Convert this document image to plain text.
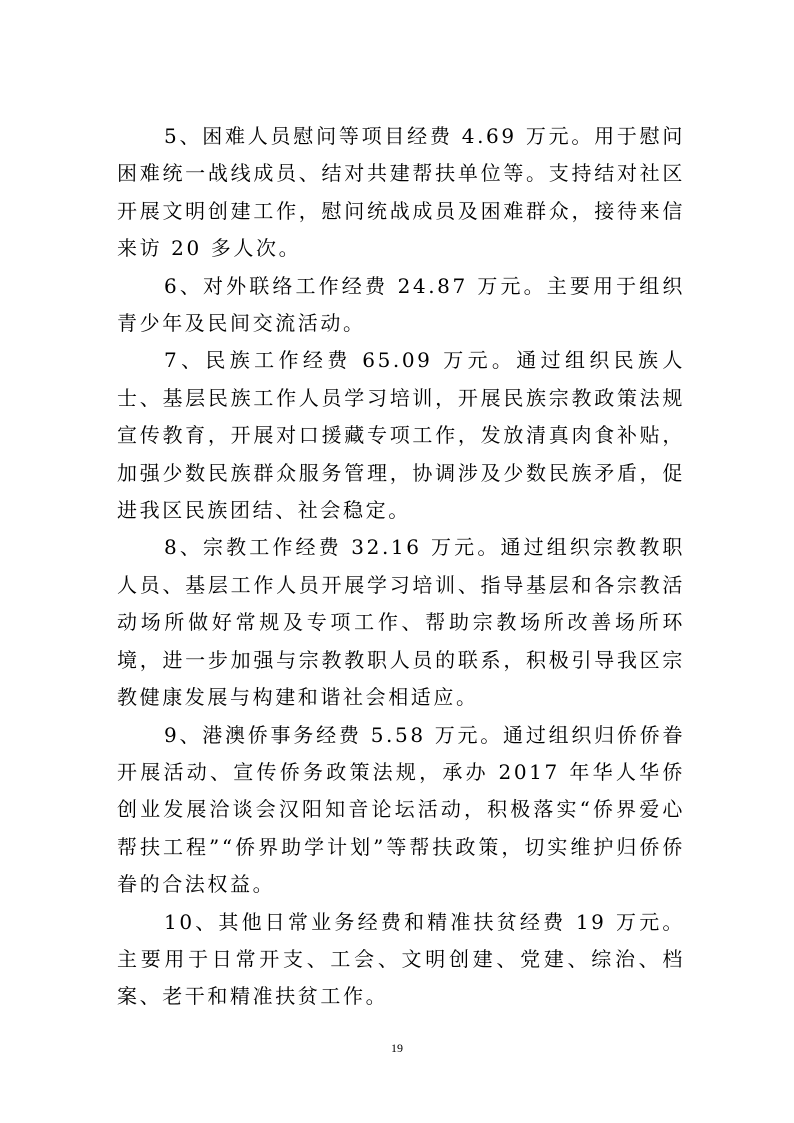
5、困难人员慰问等项目经费 4.69 万元。用于慰问困难统一战线成员、结对共建帮扶单位等。支持结对社区开展文明创建工作，慰问统战成员及困难群众，接待来信来访 20 多人次。

6、对外联络工作经费 24.87 万元。主要用于组织青少年及民间交流活动。

7、民族工作经费 65.09 万元。通过组织民族人士、基层民族工作人员学习培训，开展民族宗教政策法规宣传教育，开展对口援藏专项工作，发放清真肉食补贴，加强少数民族群众服务管理，协调涉及少数民族矛盾，促进我区民族团结、社会稳定。

8、宗教工作经费 32.16 万元。通过组织宗教教职人员、基层工作人员开展学习培训、指导基层和各宗教活动场所做好常规及专项工作、帮助宗教场所改善场所环境，进一步加强与宗教教职人员的联系，积极引导我区宗教健康发展与构建和谐社会相适应。

9、港澳侨事务经费 5.58 万元。通过组织归侨侨眷开展活动、宣传侨务政策法规，承办 2017 年华人华侨创业发展洽谈会汉阳知音论坛活动，积极落实“侨界爱心帮扶工程”“侨界助学计划”等帮扶政策，切实维护归侨侨眷的合法权益。

10、其他日常业务经费和精准扶贫经费 19 万元。主要用于日常开支、工会、文明创建、党建、综治、档案、老干和精准扶贫工作。

19
